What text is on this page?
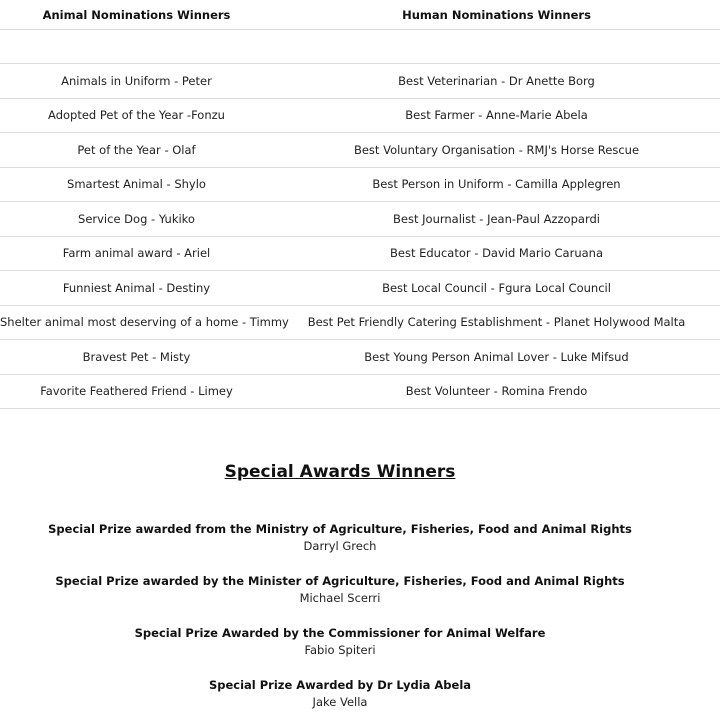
Animal Nominations Winners	Human Nominations Winners

Animals in Uniform - Peter	Best Veterinarian - Dr Anette Borg
Adopted Pet of the Year -Fonzu	Best Farmer - Anne-Marie Abela
Pet of the Year - Olaf	Best Voluntary Organisation - RMJ's Horse Rescue
Smartest Animal - Shylo	Best Person in Uniform - Camilla Applegren
Service Dog - Yukiko	Best Journalist - Jean-Paul Azzopardi
Farm animal award - Ariel	Best Educator - David Mario Caruana
Funniest Animal - Destiny	Best Local Council - Fgura Local Council
Shelter animal most deserving of a home - Timmy	Best Pet Friendly Catering Establishment - Planet Holywood Malta
Bravest Pet - Misty	Best Young Person Animal Lover - Luke Mifsud
Favorite Feathered Friend - Limey	Best Volunteer - Romina Frendo
Special Awards Winners
Special Prize awarded from the Ministry of Agriculture, Fisheries, Food and Animal Rights
Darryl Grech
Special Prize awarded by the Minister of Agriculture, Fisheries, Food and Animal Rights
Michael Scerri
Special Prize Awarded by the Commissioner for Animal Welfare
Fabio Spiteri
Special Prize Awarded by Dr Lydia Abela
Jake Vella
